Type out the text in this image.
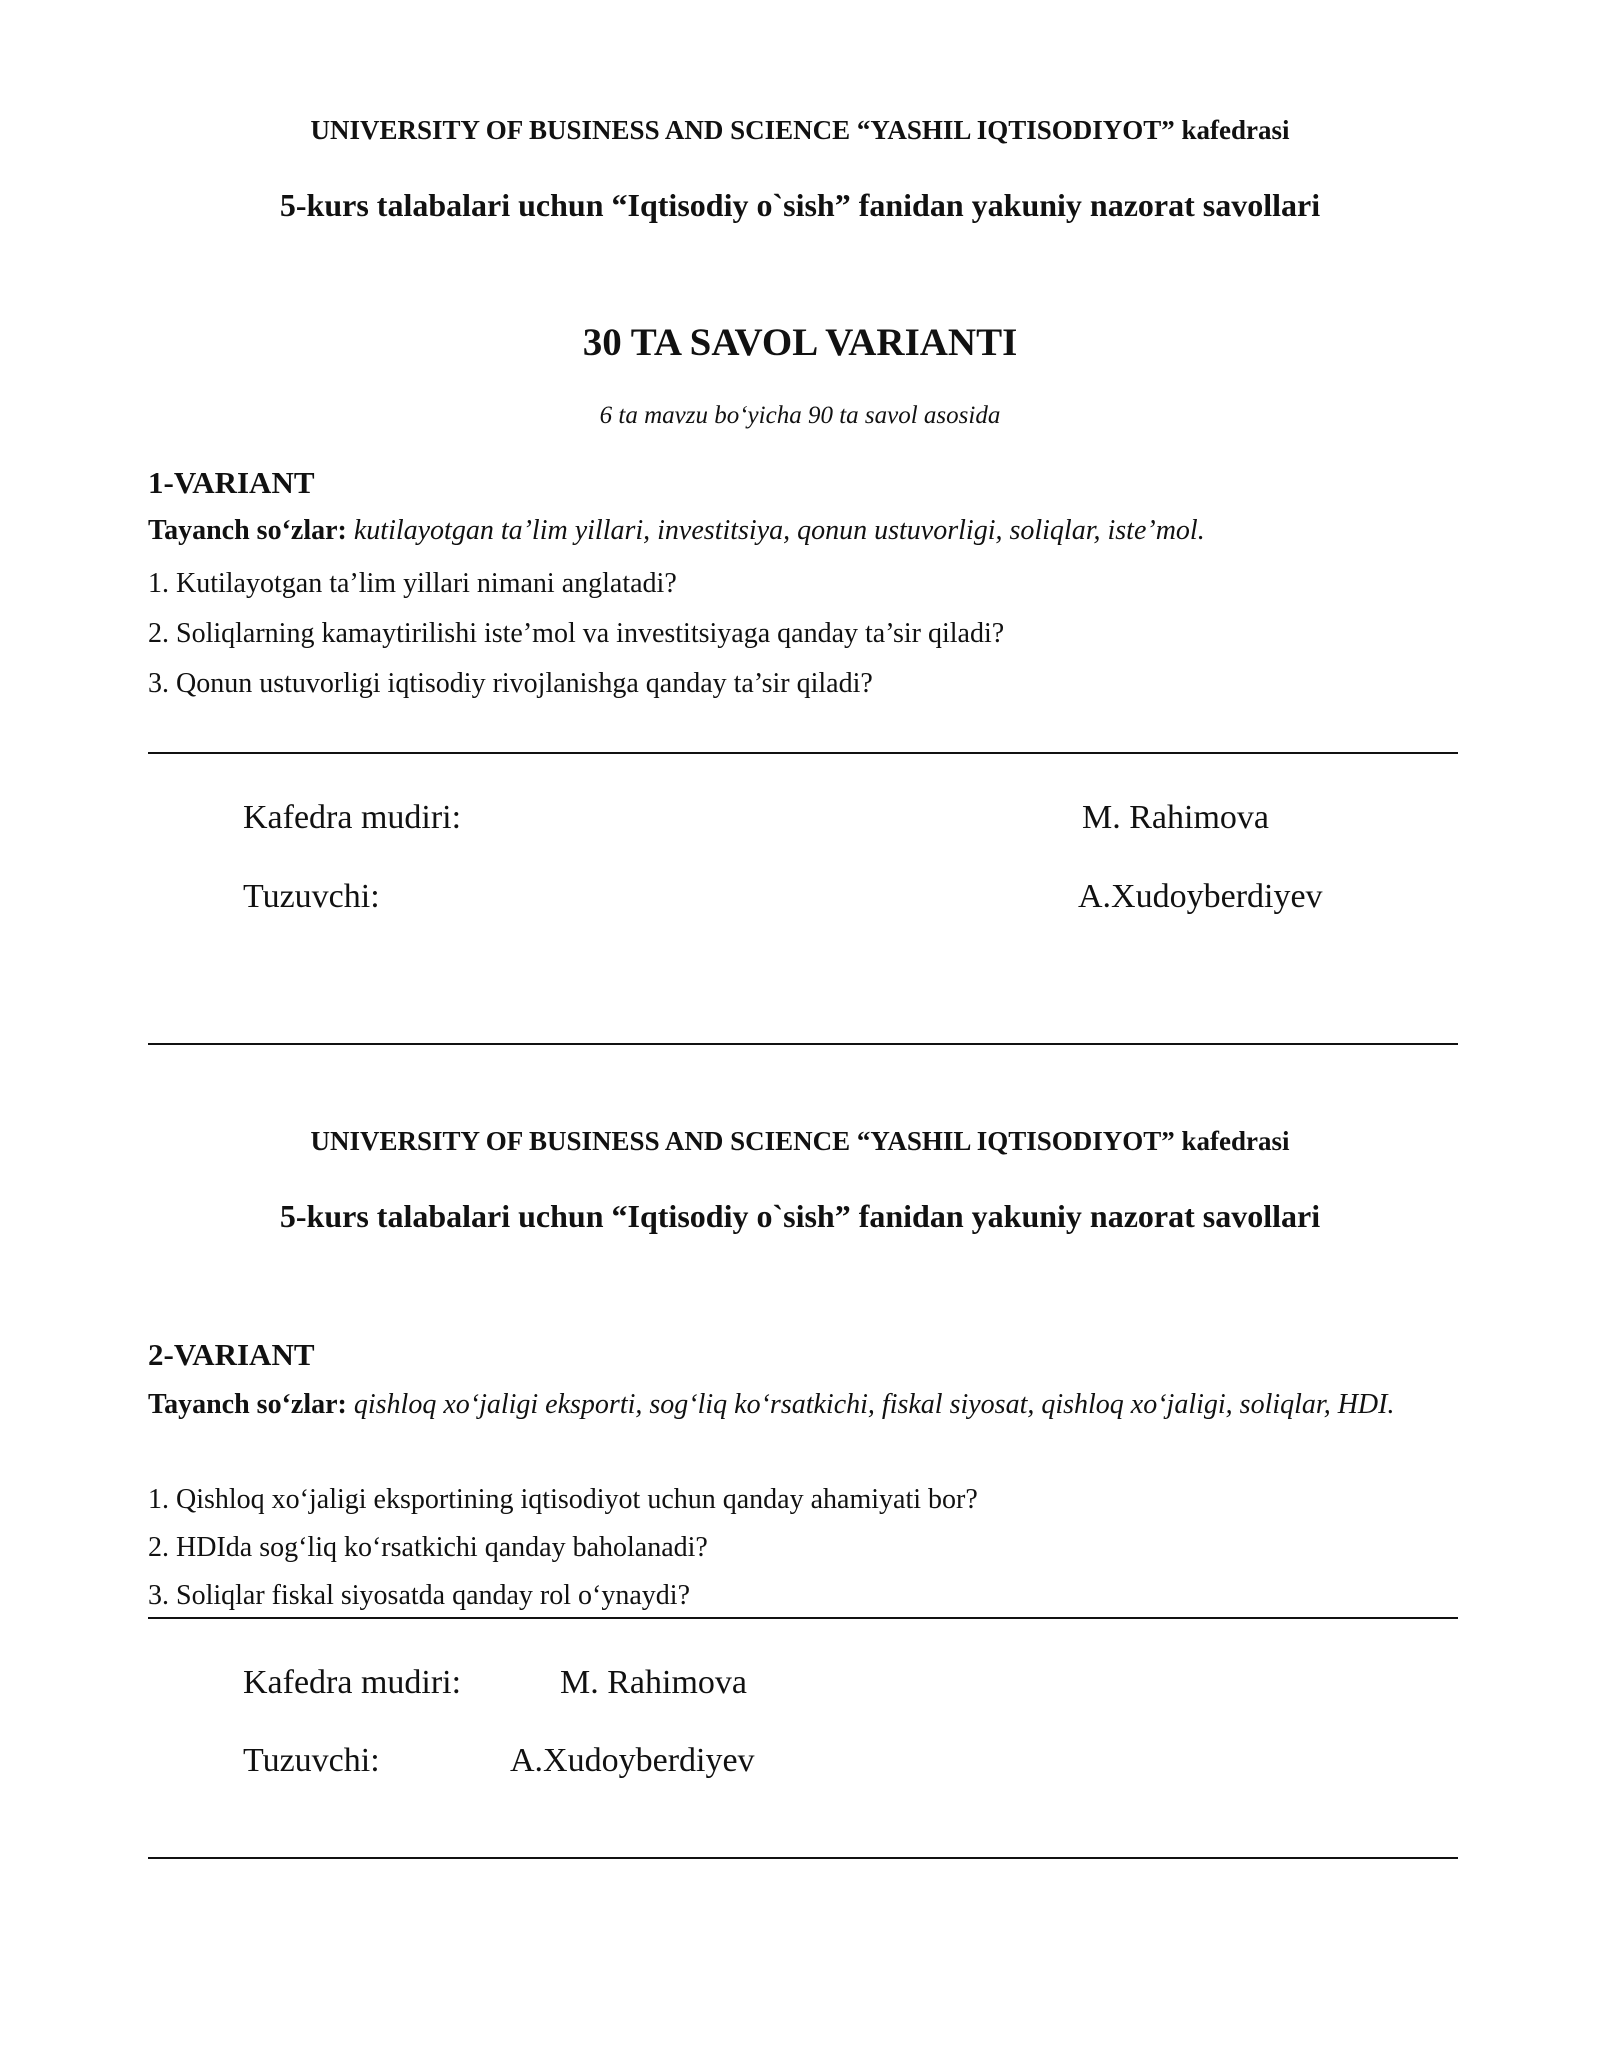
UNIVERSITY OF BUSINESS AND SCIENCE “YASHIL IQTISODIYOT” kafedrasi
5-kurs talabalari uchun “Iqtisodiy o`sish” fanidan yakuniy nazorat savollari
30 TA SAVOL VARIANTI
6 ta mavzu bo‘yicha 90 ta savol asosida
1-VARIANT
Tayanch so‘zlar: kutilayotgan ta’lim yillari, investitsiya, qonun ustuvorligi, soliqlar, iste’mol.
1. Kutilayotgan ta’lim yillari nimani anglatadi?
2. Soliqlarning kamaytirilishi iste’mol va investitsiyaga qanday ta’sir qiladi?
3. Qonun ustuvorligi iqtisodiy rivojlanishga qanday ta’sir qiladi?
Kafedra mudiri:	M. Rahimova
Tuzuvchi:	A.Xudoyberdiyev
UNIVERSITY OF BUSINESS AND SCIENCE “YASHIL IQTISODIYOT” kafedrasi
5-kurs talabalari uchun “Iqtisodiy o`sish” fanidan yakuniy nazorat savollari
2-VARIANT
Tayanch so‘zlar: qishloq xo‘jaligi eksporti, sog‘liq ko‘rsatkichi, fiskal siyosat, qishloq xo‘jaligi, soliqlar, HDI.
1. Qishloq xo‘jaligi eksportining iqtisodiyot uchun qanday ahamiyati bor?
2. HDIda sog‘liq ko‘rsatkichi qanday baholanadi?
3. Soliqlar fiskal siyosatda qanday rol o‘ynaydi?
Kafedra mudiri:	M. Rahimova
Tuzuvchi:	A.Xudoyberdiyev
